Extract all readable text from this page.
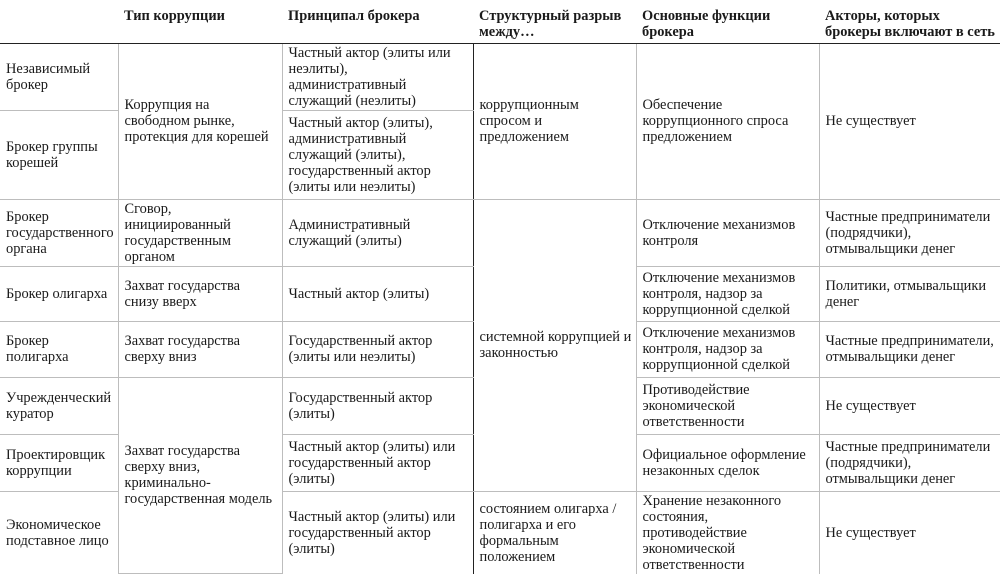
	Тип коррупции	Принципал брокера	Структурный разрыв между…	Основные функции брокера	Акторы, которых брокеры включают в сеть
Независимый брокер	Коррупция на свободном рынке, протекция для корешей	Частный актор (элиты или неэлиты), административный служащий (неэлиты)	коррупционным спросом и предложением	Обеспечение коррупционного спроса предложением	Не существует
Брокер группы корешей		Частный актор (элиты), административный служащий (элиты), государственный актор (элиты или неэлиты)			
Брокер государственного органа	Сговор, инициированный государственным органом	Административный служащий (элиты)	системной коррупцией и законностью	Отключение механизмов контроля	Частные предприниматели (подрядчики), отмывальщики денег
Брокер олигарха	Захват государства снизу вверх	Частный актор (элиты)		Отключение механизмов контроля, надзор за коррупционной сделкой	Политики, отмывальщики денег
Брокер полигарха	Захват государства сверху вниз	Государственный актор (элиты или неэлиты)		Отключение механизмов контроля, надзор за коррупционной сделкой	Частные предприниматели, отмывальщики денег
Учрежденческий куратор	Захват государства сверху вниз, криминально-государственная модель	Государственный актор (элиты)		Противодействие экономической ответственности	Не существует
Проектировщик коррупции		Частный актор (элиты) или государственный актор (элиты)		Официальное оформление незаконных сделок	Частные предприниматели (подрядчики), отмывальщики денег
Экономическое подставное лицо		Частный актор (элиты) или государственный актор (элиты)	состоянием олигарха / полигарха и его формальным положением	Хранение незаконного состояния, противодействие экономической ответственности	Не существует
